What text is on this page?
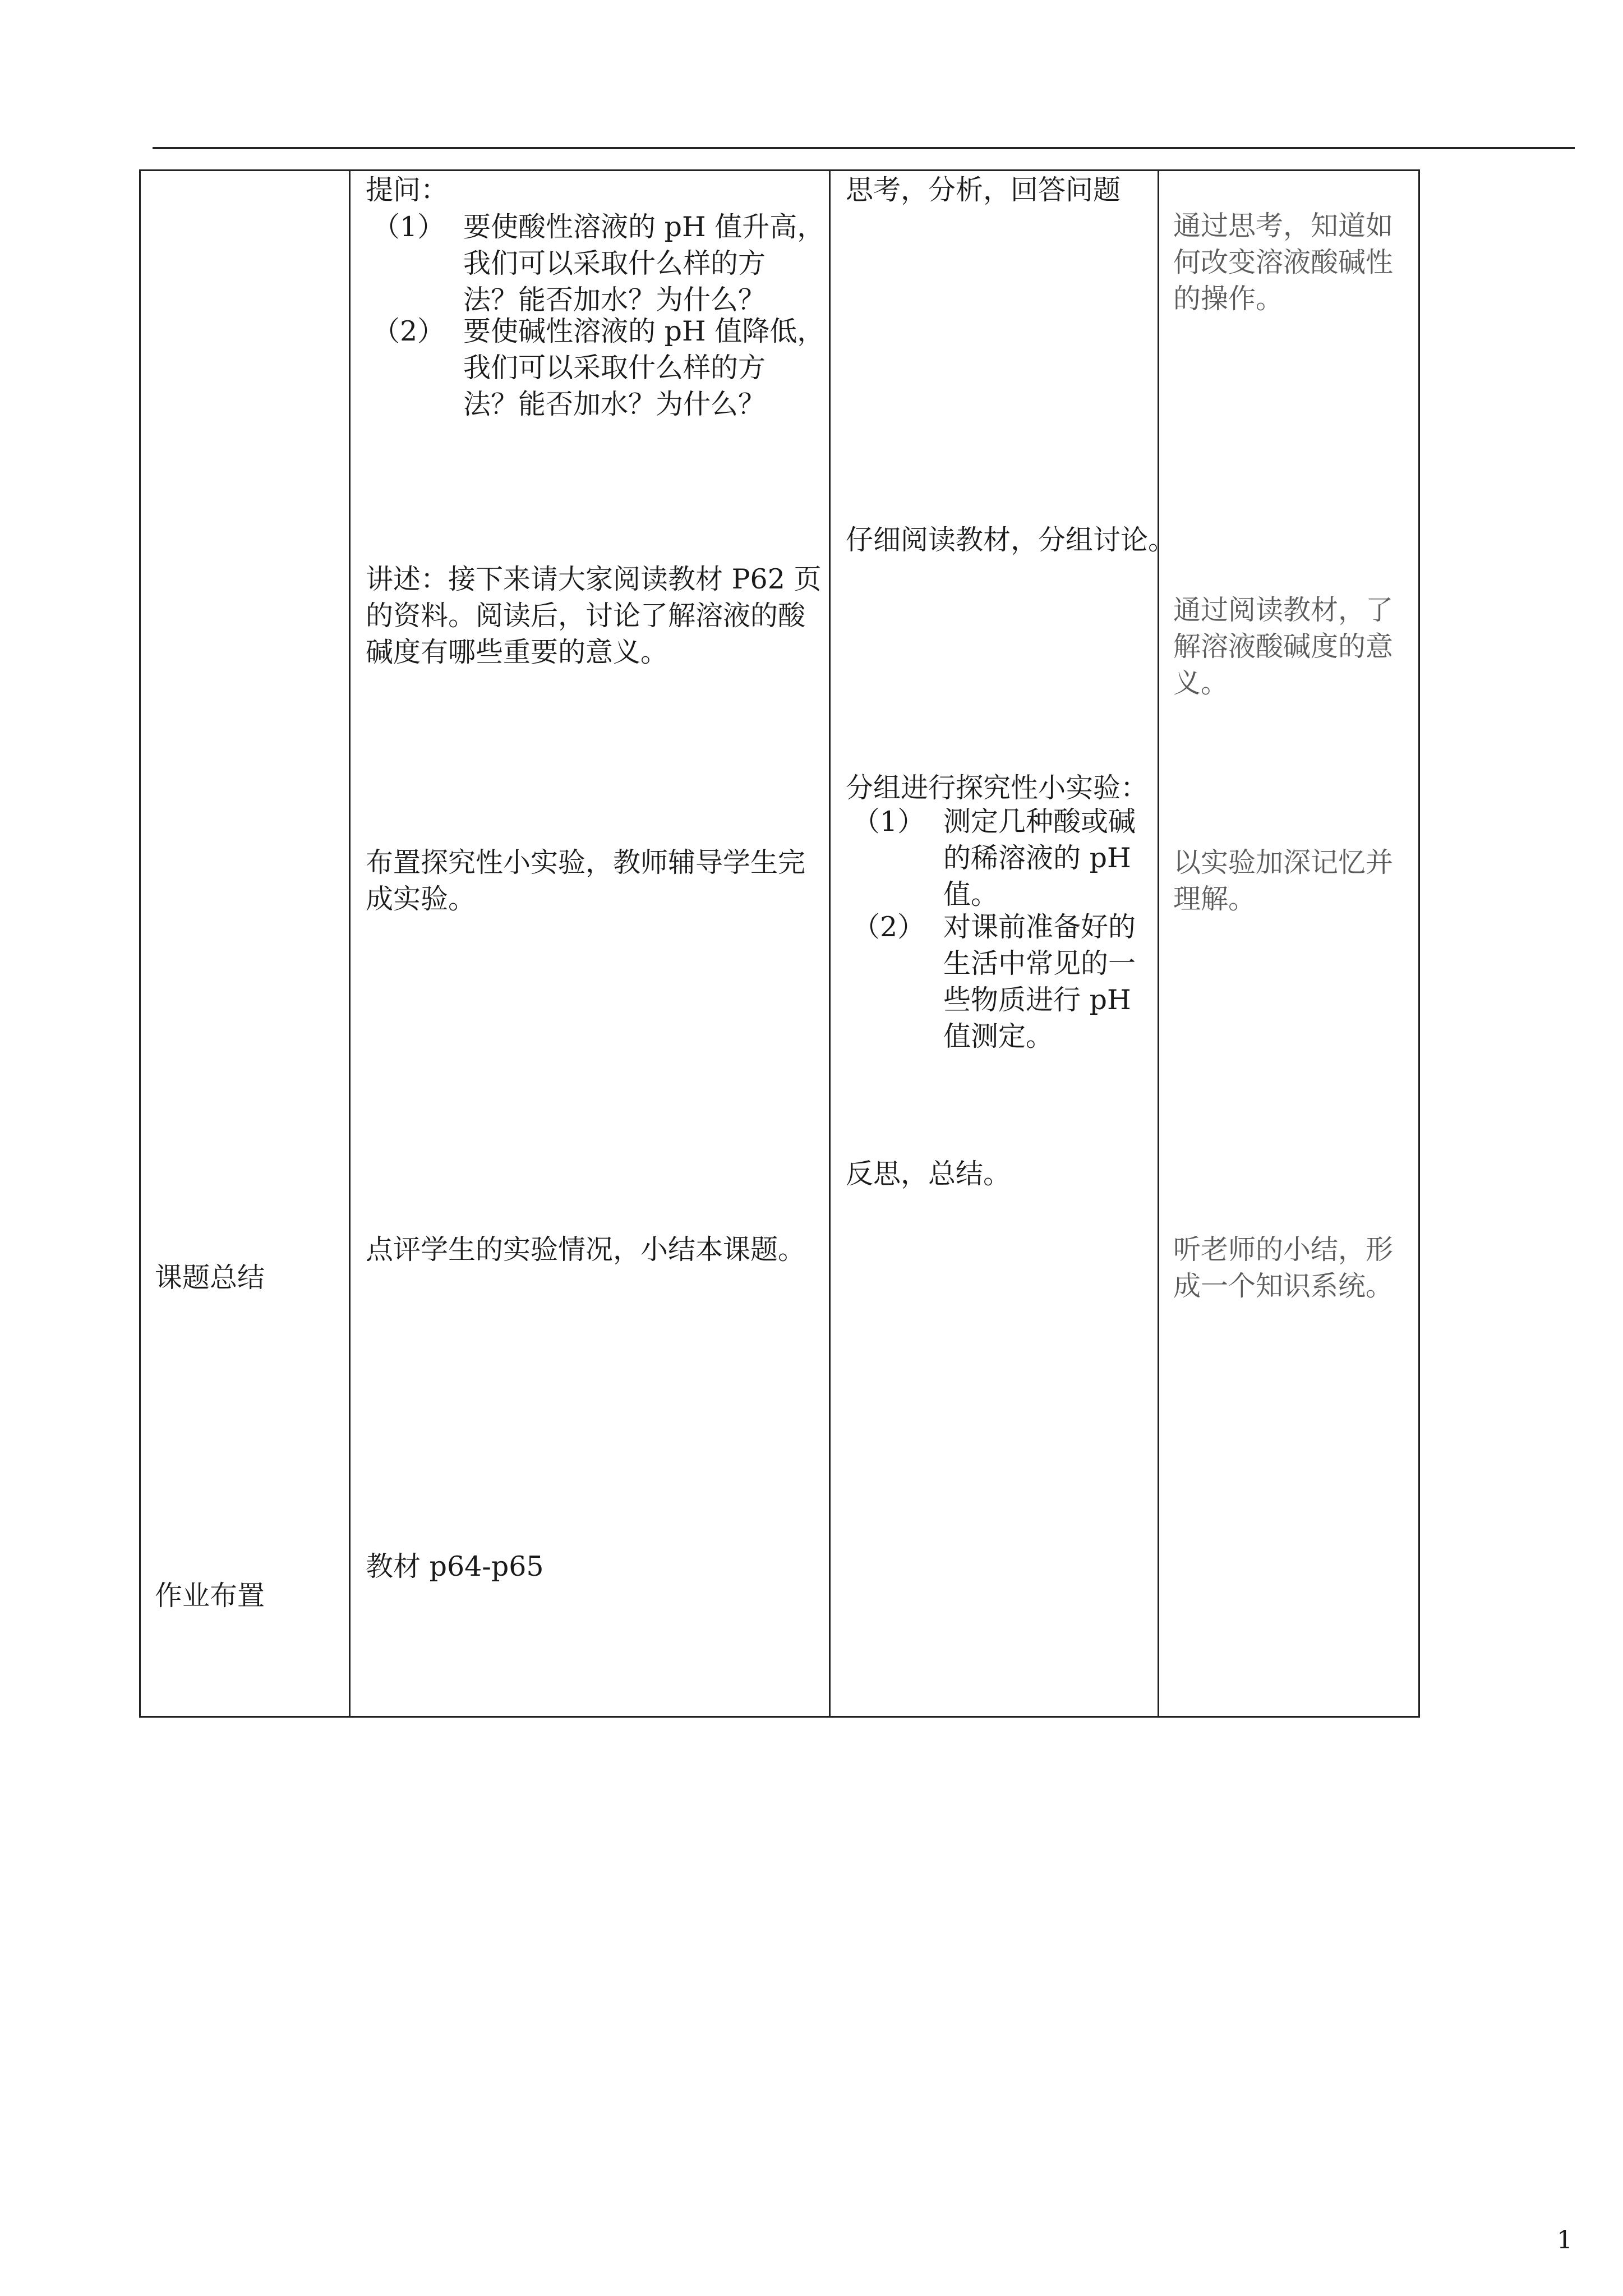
课题总结
作业布置
提问：
（1） 要使酸性溶液的 pH 值升高，
我们可以采取什么样的方
法？能否加水？为什么？
（2） 要使碱性溶液的 pH 值降低，
我们可以采取什么样的方
法？能否加水？为什么？
讲述：接下来请大家阅读教材 P62 页
的资料。阅读后，讨论了解溶液的酸
碱度有哪些重要的意义。
布置探究性小实验，教师辅导学生完
成实验。
点评学生的实验情况，小结本课题。
教材 p64-p65
思考，分析，回答问题
仔细阅读教材，分组讨论。
分组进行探究性小实验：
（1） 测定几种酸或碱
的稀溶液的 pH
值。
（2） 对课前准备好的
生活中常见的一
些物质进行 pH
值测定。
反思，总结。
通过思考，知道如
何改变溶液酸碱性
的操作。
通过阅读教材，了
解溶液酸碱度的意
义。
以实验加深记忆并
理解。
听老师的小结，形
成一个知识系统。
1
